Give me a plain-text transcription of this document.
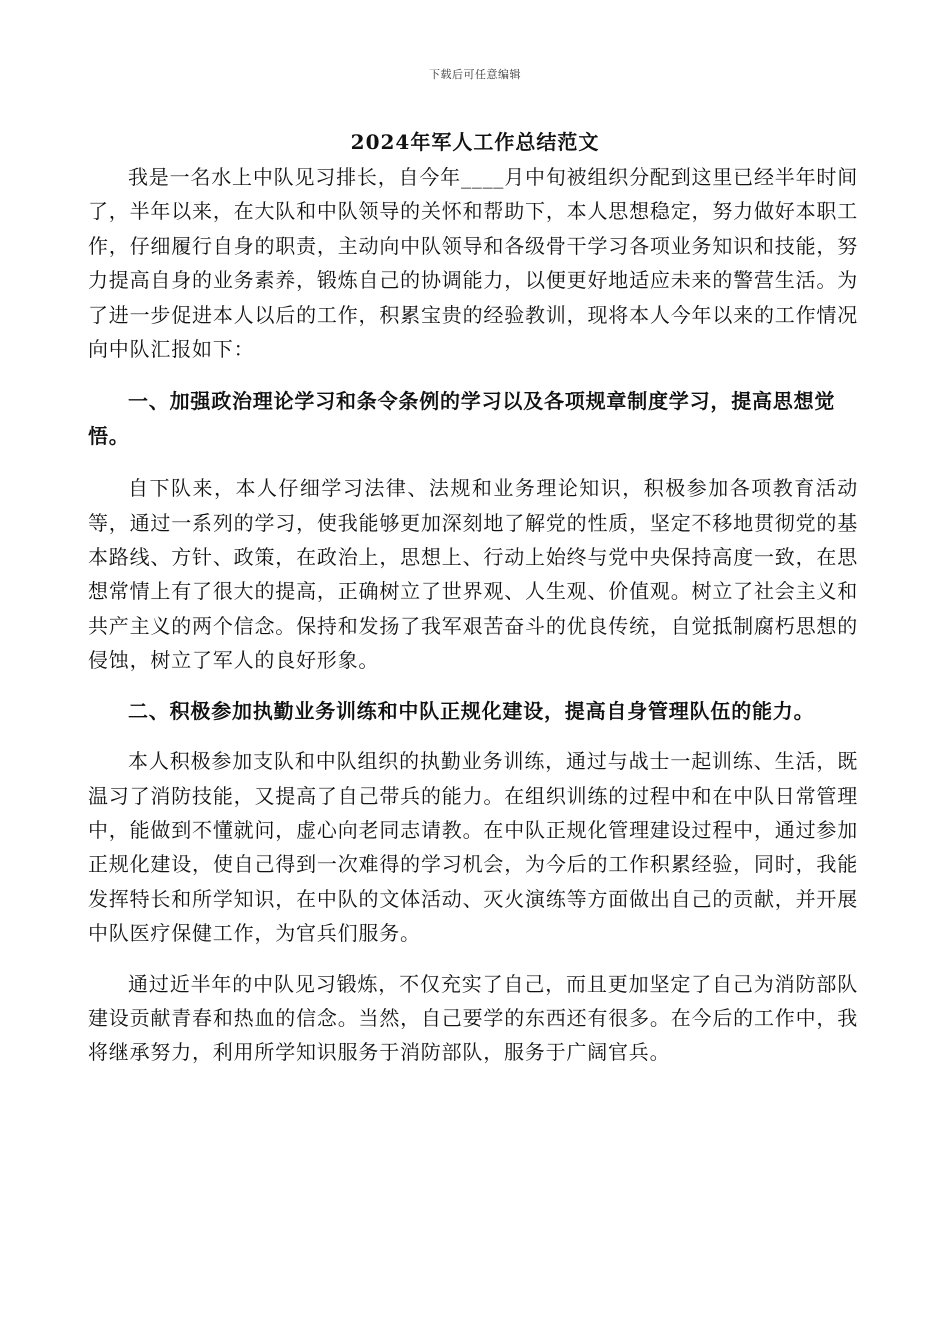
下载后可任意编辑
2024年军人工作总结范文

我是一名水上中队见习排长，自今年____月中旬被组织分配到这里已经半年时间了，半年以来，在大队和中队领导的关怀和帮助下，本人思想稳定，努力做好本职工作，仔细履行自身的职责，主动向中队领导和各级骨干学习各项业务知识和技能，努力提高自身的业务素养，锻炼自己的协调能力，以便更好地适应未来的警营生活。为了进一步促进本人以后的工作，积累宝贵的经验教训，现将本人今年以来的工作情况向中队汇报如下：

一、加强政治理论学习和条令条例的学习以及各项规章制度学习，提高思想觉悟。

自下队来，本人仔细学习法律、法规和业务理论知识，积极参加各项教育活动等，通过一系列的学习，使我能够更加深刻地了解党的性质，坚定不移地贯彻党的基本路线、方针、政策，在政治上，思想上、行动上始终与党中央保持高度一致，在思想常情上有了很大的提高，正确树立了世界观、人生观、价值观。树立了社会主义和共产主义的两个信念。保持和发扬了我军艰苦奋斗的优良传统，自觉抵制腐朽思想的侵蚀，树立了军人的良好形象。

二、积极参加执勤业务训练和中队正规化建设，提高自身管理队伍的能力。

本人积极参加支队和中队组织的执勤业务训练，通过与战士一起训练、生活，既温习了消防技能，又提高了自己带兵的能力。在组织训练的过程中和在中队日常管理中，能做到不懂就问，虚心向老同志请教。在中队正规化管理建设过程中，通过参加正规化建设，使自己得到一次难得的学习机会，为今后的工作积累经验，同时，我能发挥特长和所学知识，在中队的文体活动、灭火演练等方面做出自己的贡献，并开展中队医疗保健工作，为官兵们服务。

通过近半年的中队见习锻炼，不仅充实了自己，而且更加坚定了自己为消防部队建设贡献青春和热血的信念。当然，自己要学的东西还有很多。在今后的工作中，我将继承努力，利用所学知识服务于消防部队，服务于广阔官兵。
